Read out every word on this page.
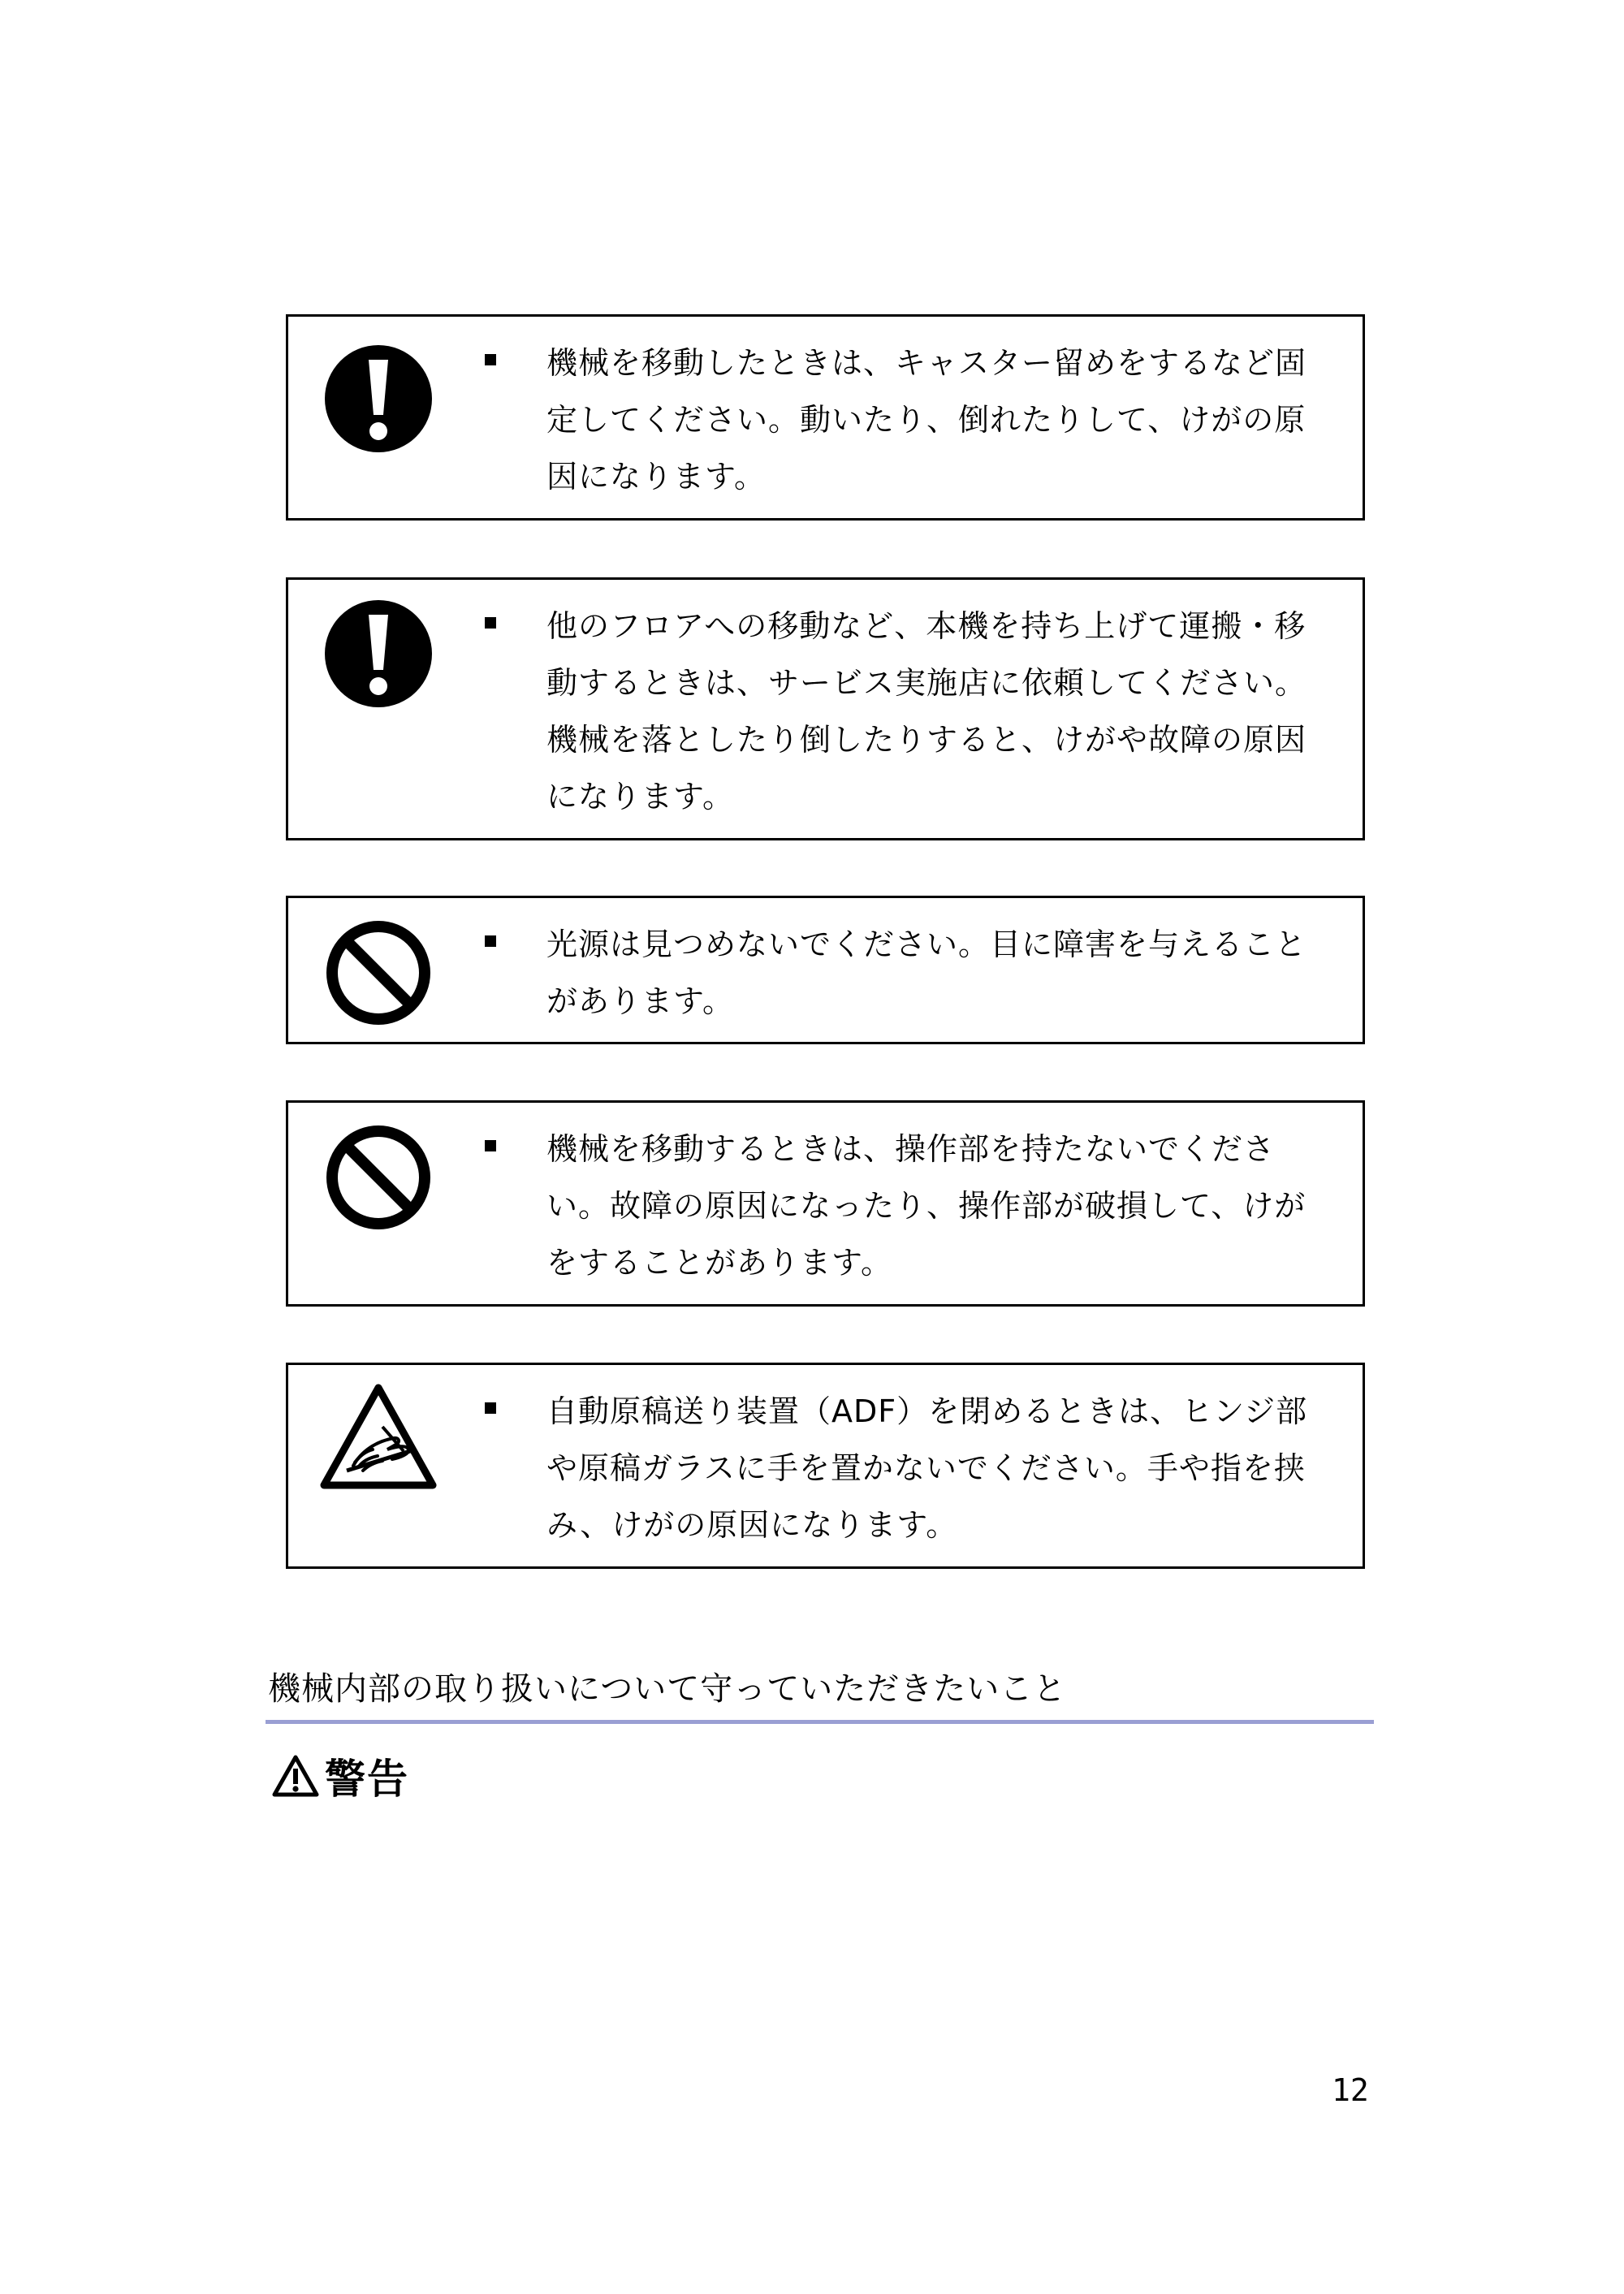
機械を移動したときは、キャスター留めをするなど固
定してください。動いたり、倒れたりして、けがの原
因になります。
他のフロアへの移動など、本機を持ち上げて運搬・移
動するときは、サービス実施店に依頼してください。
機械を落としたり倒したりすると、けがや故障の原因
になります。
光源は見つめないでください。目に障害を与えること
があります。
機械を移動するときは、操作部を持たないでくださ
い。故障の原因になったり、操作部が破損して、けが
をすることがあります。
自動原稿送り装置（ADF）を閉めるときは、ヒンジ部
や原稿ガラスに手を置かないでください。手や指を挟
み、けがの原因になります。
機械内部の取り扱いについて守っていただきたいこと
警告
12
